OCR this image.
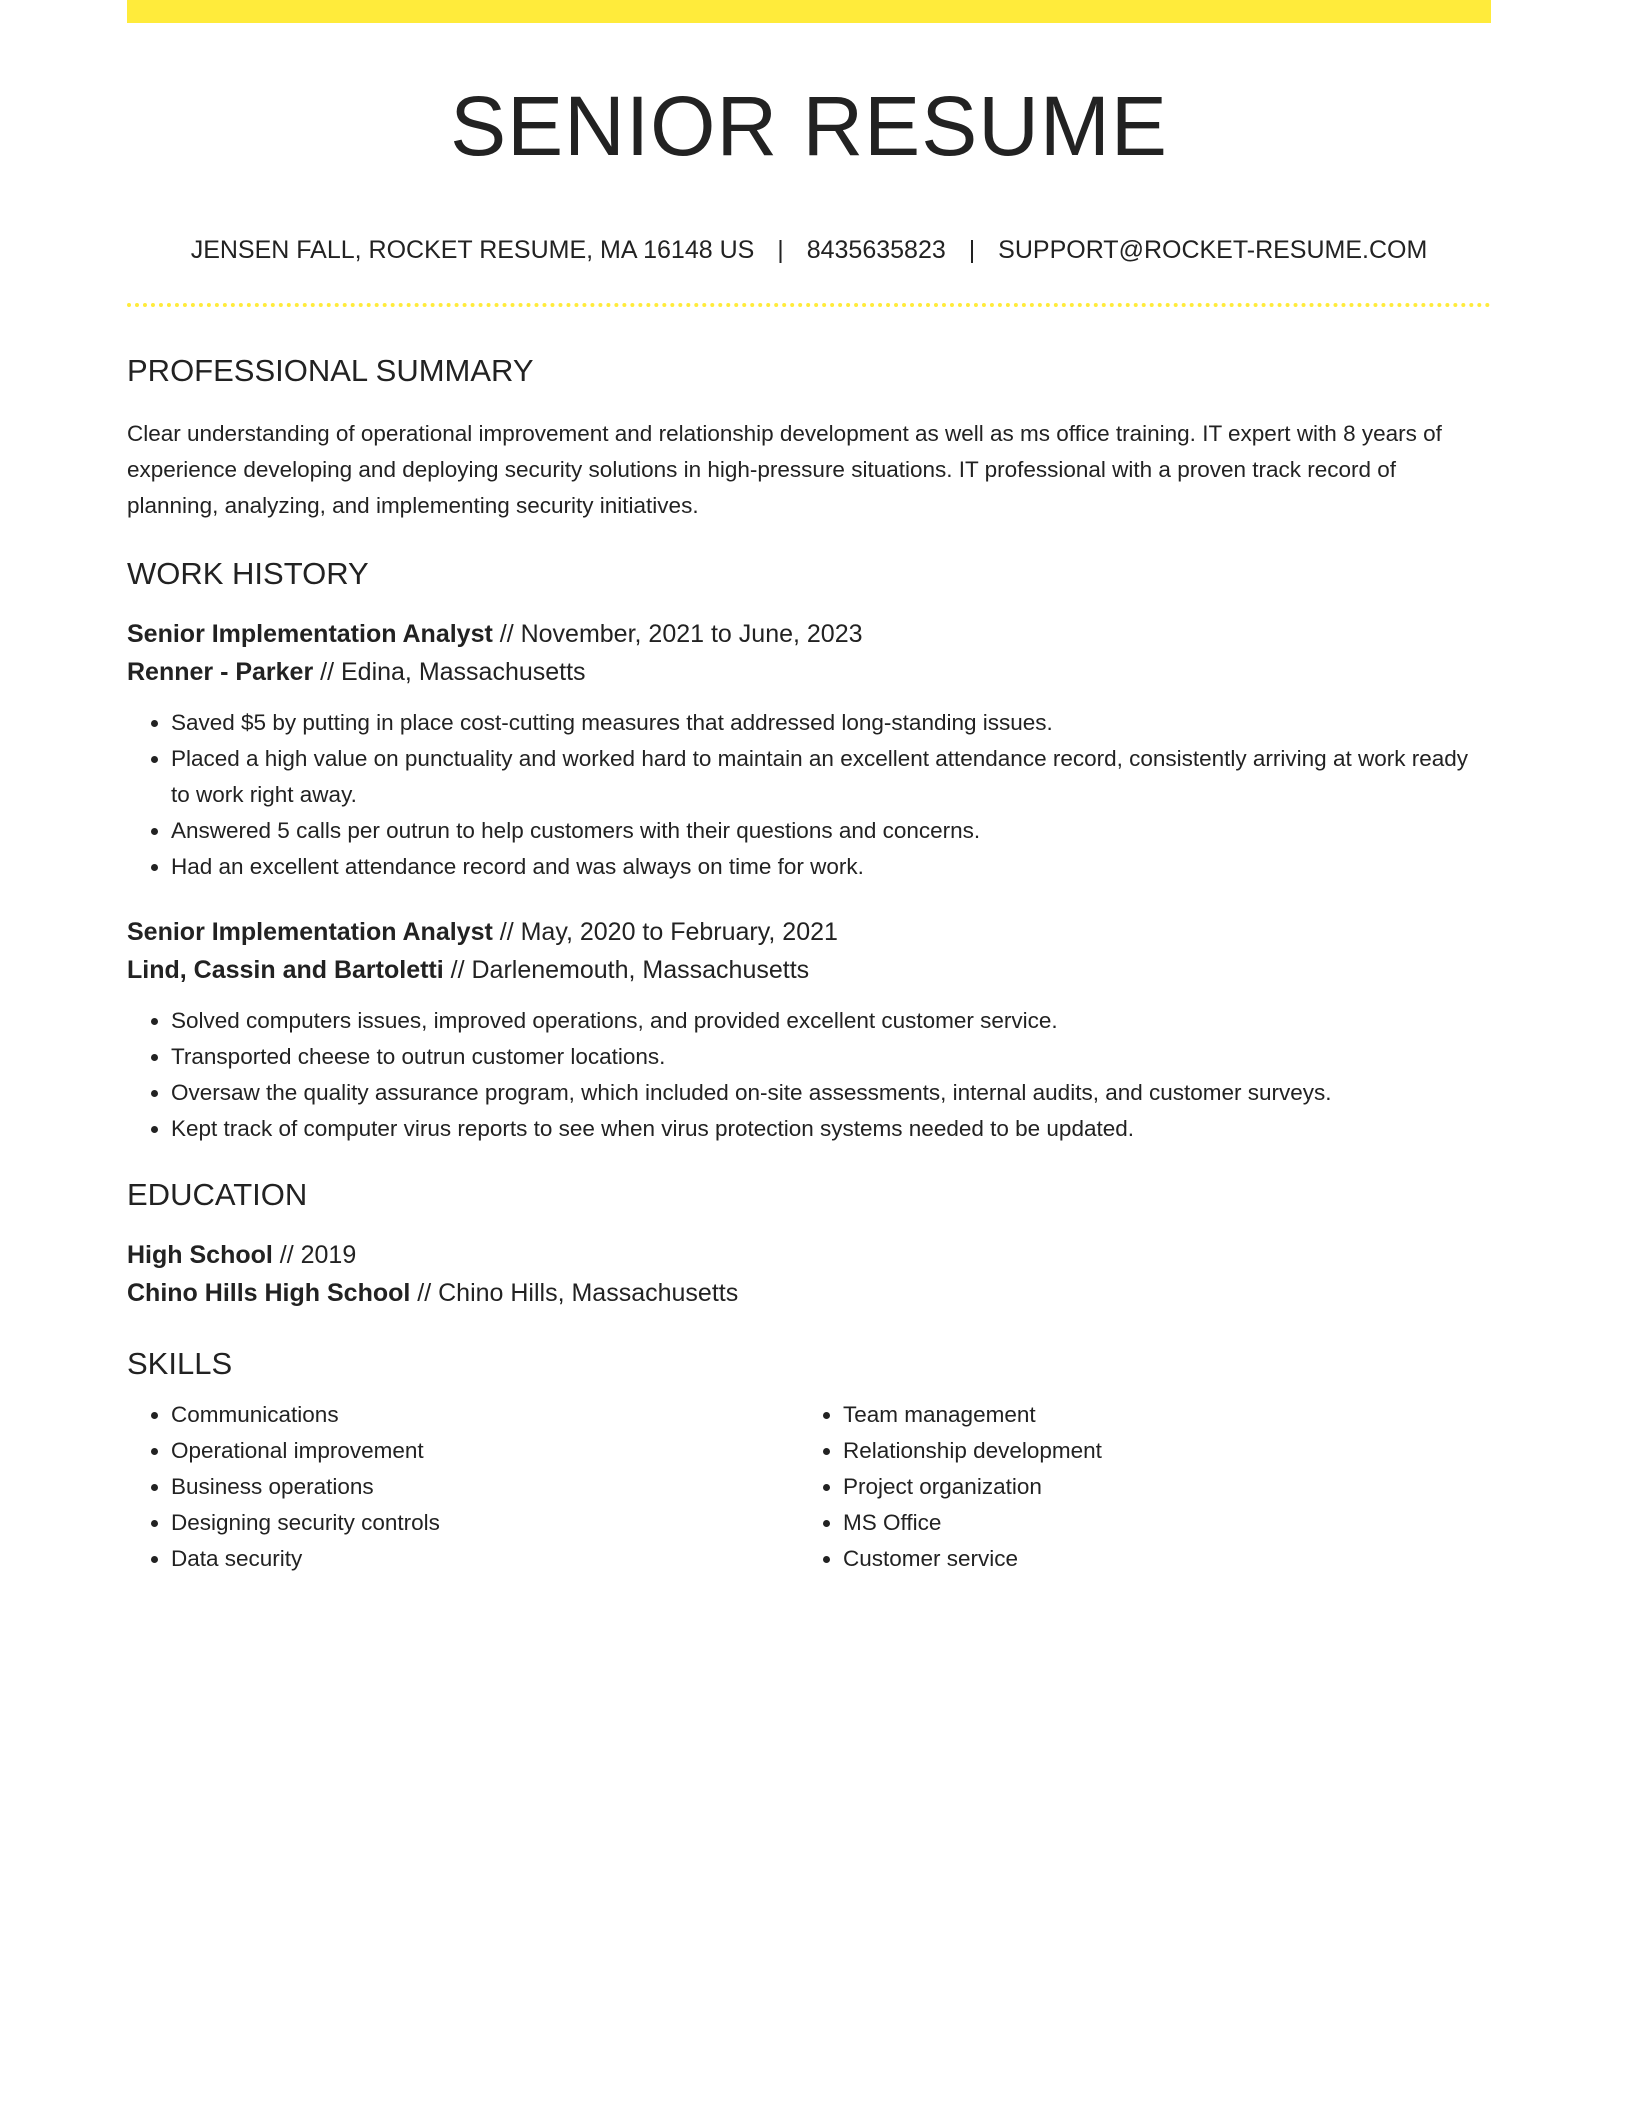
SENIOR RESUME
JENSEN FALL, ROCKET RESUME, MA 16148 US | 8435635823 | SUPPORT@ROCKET-RESUME.COM
PROFESSIONAL SUMMARY
Clear understanding of operational improvement and relationship development as well as ms office training. IT expert with 8 years of experience developing and deploying security solutions in high-pressure situations. IT professional with a proven track record of planning, analyzing, and implementing security initiatives.
WORK HISTORY
Senior Implementation Analyst // November, 2021 to June, 2023
Renner - Parker // Edina, Massachusetts
• Saved $5 by putting in place cost-cutting measures that addressed long-standing issues.
• Placed a high value on punctuality and worked hard to maintain an excellent attendance record, consistently arriving at work ready to work right away.
• Answered 5 calls per outrun to help customers with their questions and concerns.
• Had an excellent attendance record and was always on time for work.
Senior Implementation Analyst // May, 2020 to February, 2021
Lind, Cassin and Bartoletti // Darlenemouth, Massachusetts
• Solved computers issues, improved operations, and provided excellent customer service.
• Transported cheese to outrun customer locations.
• Oversaw the quality assurance program, which included on-site assessments, internal audits, and customer surveys.
• Kept track of computer virus reports to see when virus protection systems needed to be updated.
EDUCATION
High School // 2019
Chino Hills High School // Chino Hills, Massachusetts
SKILLS
• Communications
• Operational improvement
• Business operations
• Designing security controls
• Data security
• Team management
• Relationship development
• Project organization
• MS Office
• Customer service
